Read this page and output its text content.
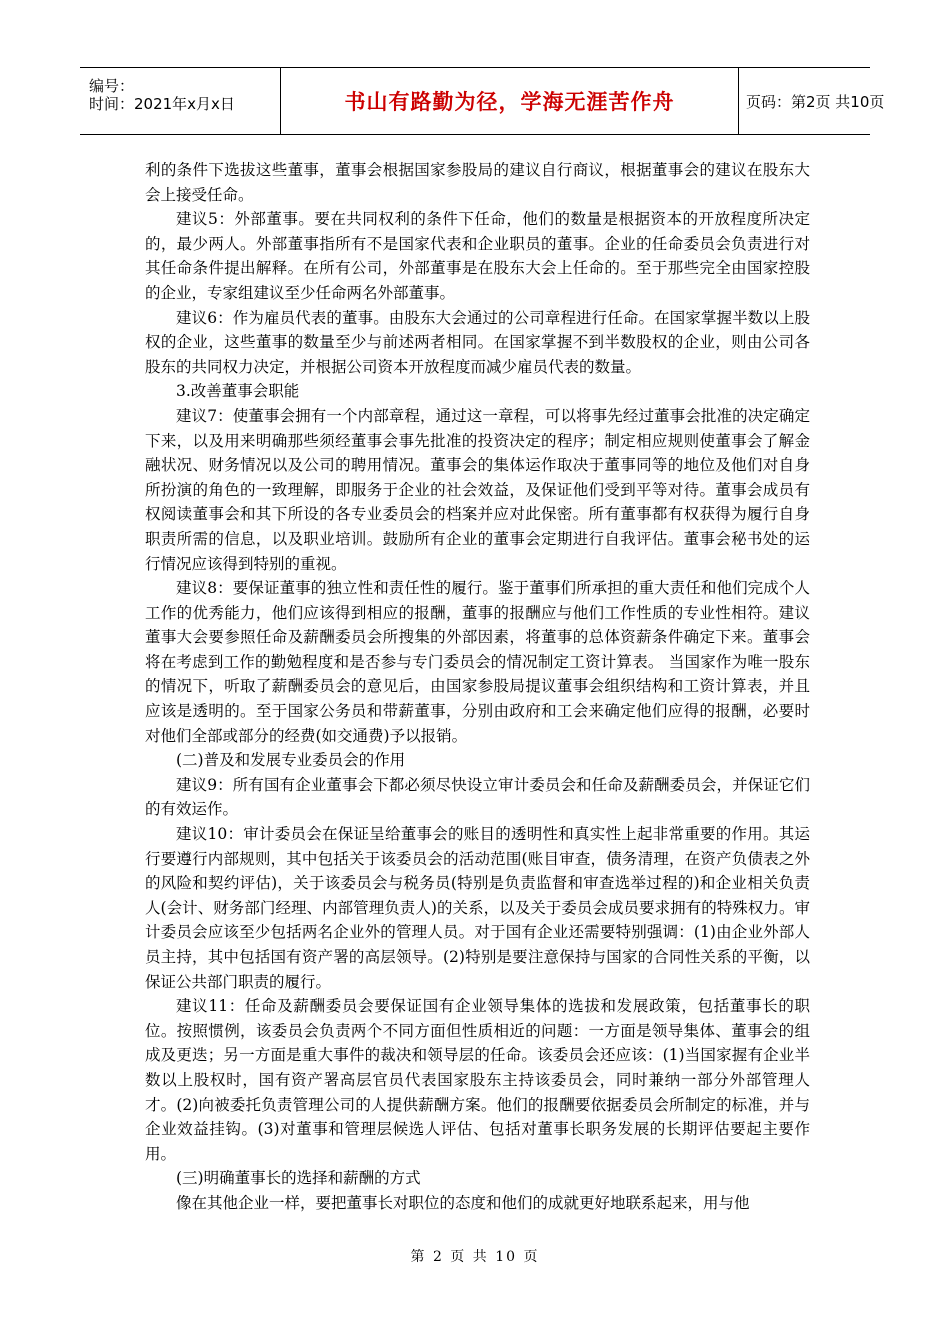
编号：
时间：2021年x月x日	书山有路勤为径，学海无涯苦作舟	页码：第2页 共10页

利的条件下选拔这些董事，董事会根据国家参股局的建议自行商议，根据董事会的建议在股东大会上接受任命。

建议5：外部董事。要在共同权利的条件下任命，他们的数量是根据资本的开放程度所决定的，最少两人。外部董事指所有不是国家代表和企业职员的董事。企业的任命委员会负责进行对其任命条件提出解释。在所有公司，外部董事是在股东大会上任命的。至于那些完全由国家控股的企业，专家组建议至少任命两名外部董事。

建议6：作为雇员代表的董事。由股东大会通过的公司章程进行任命。在国家掌握半数以上股权的企业，这些董事的数量至少与前述两者相同。在国家掌握不到半数股权的企业，则由公司各股东的共同权力决定，并根据公司资本开放程度而减少雇员代表的数量。

3.改善董事会职能

建议7：使董事会拥有一个内部章程，通过这一章程，可以将事先经过董事会批准的决定确定下来，以及用来明确那些须经董事会事先批准的投资决定的程序；制定相应规则使董事会了解金融状况、财务情况以及公司的聘用情况。董事会的集体运作取决于董事同等的地位及他们对自身所扮演的角色的一致理解，即服务于企业的社会效益，及保证他们受到平等对待。董事会成员有权阅读董事会和其下所设的各专业委员会的档案并应对此保密。所有董事都有权获得为履行自身职责所需的信息，以及职业培训。鼓励所有企业的董事会定期进行自我评估。董事会秘书处的运行情况应该得到特别的重视。

建议8：要保证董事的独立性和责任性的履行。鉴于董事们所承担的重大责任和他们完成个人工作的优秀能力，他们应该得到相应的报酬，董事的报酬应与他们工作性质的专业性相符。建议董事大会要参照任命及薪酬委员会所搜集的外部因素，将董事的总体资薪条件确定下来。董事会将在考虑到工作的勤勉程度和是否参与专门委员会的情况制定工资计算表。 当国家作为唯一股东的情况下，听取了薪酬委员会的意见后，由国家参股局提议董事会组织结构和工资计算表，并且应该是透明的。至于国家公务员和带薪董事，分别由政府和工会来确定他们应得的报酬，必要时对他们全部或部分的经费(如交通费)予以报销。

(二)普及和发展专业委员会的作用

建议9：所有国有企业董事会下都必须尽快设立审计委员会和任命及薪酬委员会，并保证它们的有效运作。

建议10：审计委员会在保证呈给董事会的账目的透明性和真实性上起非常重要的作用。其运行要遵行内部规则，其中包括关于该委员会的活动范围(账目审查，债务清理，在资产负债表之外的风险和契约评估)，关于该委员会与税务员(特别是负责监督和审查选举过程的)和企业相关负责人(会计、财务部门经理、内部管理负责人)的关系，以及关于委员会成员要求拥有的特殊权力。审计委员会应该至少包括两名企业外的管理人员。对于国有企业还需要特别强调：(1)由企业外部人员主持，其中包括国有资产署的高层领导。(2)特别是要注意保持与国家的合同性关系的平衡，以保证公共部门职责的履行。

建议11：任命及薪酬委员会要保证国有企业领导集体的选拔和发展政策，包括董事长的职位。按照惯例，该委员会负责两个不同方面但性质相近的问题：一方面是领导集体、董事会的组成及更迭；另一方面是重大事件的裁决和领导层的任命。该委员会还应该：(1)当国家握有企业半数以上股权时，国有资产署高层官员代表国家股东主持该委员会，同时兼纳一部分外部管理人才。(2)向被委托负责管理公司的人提供薪酬方案。他们的报酬要依据委员会所制定的标准，并与企业效益挂钩。(3)对董事和管理层候选人评估、包括对董事长职务发展的长期评估要起主要作用。

(三)明确董事长的选择和薪酬的方式

像在其他企业一样，要把董事长对职位的态度和他们的成就更好地联系起来，用与他

第 2 页 共 10 页
